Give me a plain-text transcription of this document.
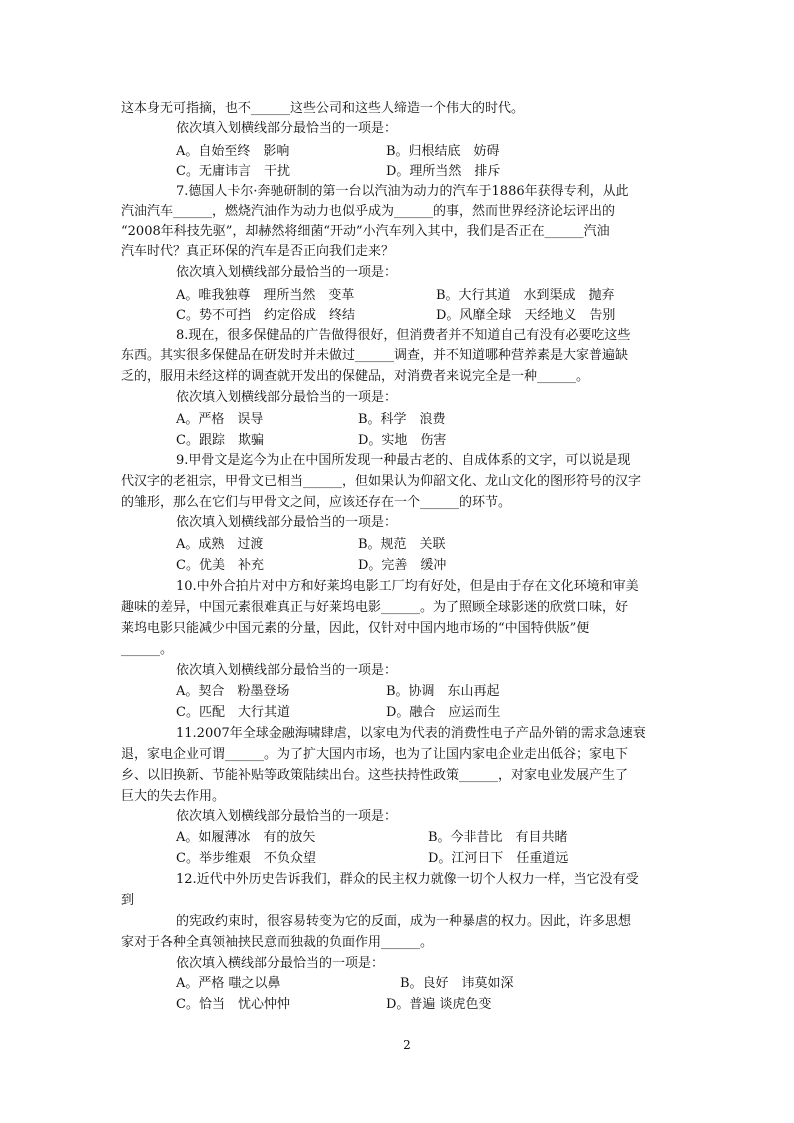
这本身无可指摘，也不______这些公司和这些人缔造一个伟大的时代。
依次填入划横线部分最恰当的一项是：
A。自始至终　影响	B。归根结底　妨碍
C。无庸讳言　干扰	D。理所当然　排斥
7.德国人卡尔·奔驰研制的第一台以汽油为动力的汽车于1886年获得专利，从此
汽油汽车______，燃烧汽油作为动力也似乎成为______的事，然而世界经济论坛评出的
“2008年科技先驱”，却赫然将细菌“开动”小汽车列入其中，我们是否正在______汽油
汽车时代？真正环保的汽车是否正向我们走来？
依次填入划横线部分最恰当的一项是：
A。唯我独尊　理所当然　变革	B。大行其道　水到渠成　抛弃
C。势不可挡　约定俗成　终结	D。风靡全球　天经地义　告别
8.现在，很多保健品的广告做得很好，但消费者并不知道自己有没有必要吃这些
东西。其实很多保健品在研发时并未做过______调查，并不知道哪种营养素是大家普遍缺
乏的，服用未经这样的调查就开发出的保健品，对消费者来说完全是一种______。
依次填入划横线部分最恰当的一项是：
A。严格　误导	B。科学　浪费
C。跟踪　欺骗	D。实地　伤害
9.甲骨文是迄今为止在中国所发现一种最古老的、自成体系的文字，可以说是现
代汉字的老祖宗，甲骨文已相当______，但如果认为仰韶文化、龙山文化的图形符号的汉字
的雏形，那么在它们与甲骨文之间，应该还存在一个______的环节。
依次填入划横线部分最恰当的一项是：
A。成熟　过渡	B。规范　关联
C。优美　补充	D。完善　缓冲
10.中外合拍片对中方和好莱坞电影工厂均有好处，但是由于存在文化环境和审美
趣味的差异，中国元素很难真正与好莱坞电影______。为了照顾全球影迷的欣赏口味，好
莱坞电影只能减少中国元素的分量，因此，仅针对中国内地市场的“中国特供版”便
______。
依次填入划横线部分最恰当的一项是：
A。契合　粉墨登场	B。协调　东山再起
C。匹配　大行其道	D。融合　应运而生
11.2007年全球金融海啸肆虐，以家电为代表的消费性电子产品外销的需求急速衰
退，家电企业可谓______。为了扩大国内市场，也为了让国内家电企业走出低谷；家电下
乡、以旧换新、节能补贴等政策陆续出台。这些扶持性政策______，对家电业发展产生了
巨大的失去作用。
依次填入划横线部分最恰当的一项是：
A。如履薄冰　有的放矢	B。今非昔比　有目共睹
C。举步维艰　不负众望	D。江河日下　任重道远
12.近代中外历史告诉我们，群众的民主权力就像一切个人权力一样，当它没有受
到
的宪政约束时，很容易转变为它的反面，成为一种暴虐的权力。因此，许多思想
家对于各种全真领袖挟民意而独裁的负面作用______。
依次填入横线部分最恰当的一项是：
A。严格 嗤之以鼻	B。良好　讳莫如深
C。恰当　忧心忡忡	D。普遍 谈虎色变
2
